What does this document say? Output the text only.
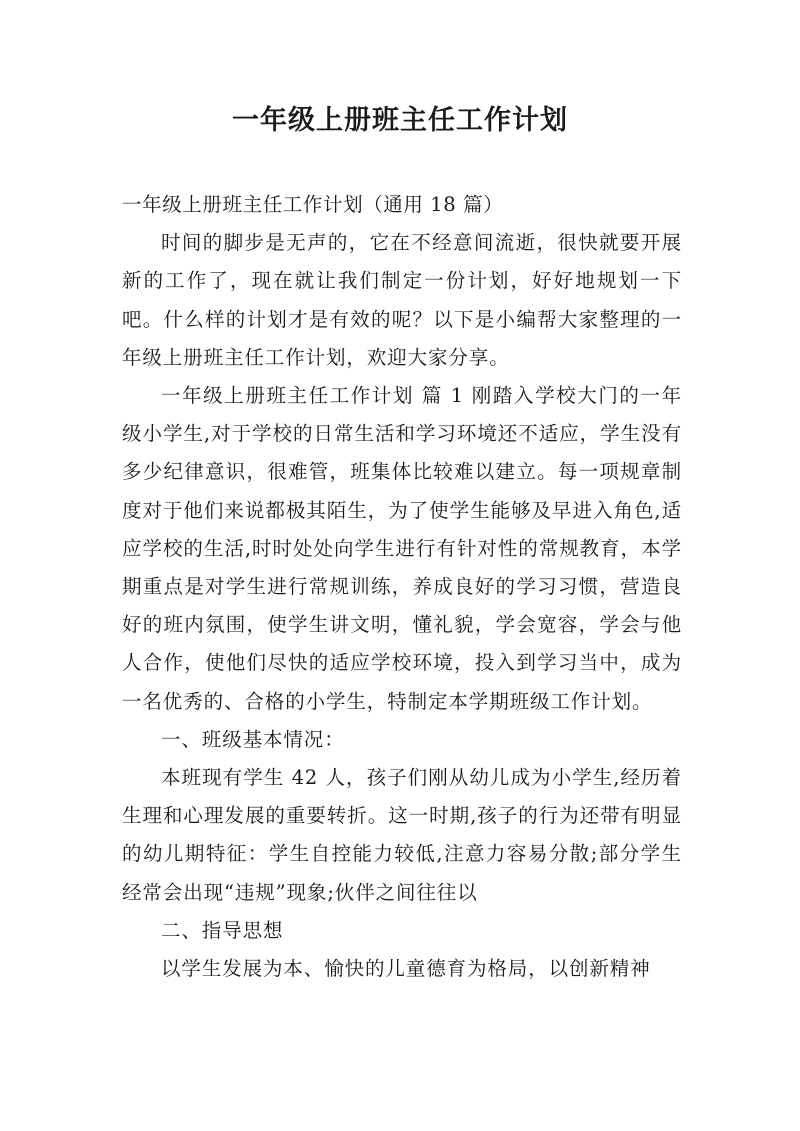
一年级上册班主任工作计划

一年级上册班主任工作计划（通用 18 篇）

时间的脚步是无声的，它在不经意间流逝，很快就要开展新的工作了，现在就让我们制定一份计划，好好地规划一下吧。什么样的计划才是有效的呢？以下是小编帮大家整理的一年级上册班主任工作计划，欢迎大家分享。

一年级上册班主任工作计划 篇 1 刚踏入学校大门的一年级小学生,对于学校的日常生活和学习环境还不适应，学生没有多少纪律意识，很难管，班集体比较难以建立。每一项规章制度对于他们来说都极其陌生，为了使学生能够及早进入角色,适应学校的生活,时时处处向学生进行有针对性的常规教育，本学期重点是对学生进行常规训练，养成良好的学习习惯，营造良好的班内氛围，使学生讲文明，懂礼貌，学会宽容，学会与他人合作，使他们尽快的适应学校环境，投入到学习当中，成为一名优秀的、合格的小学生，特制定本学期班级工作计划。

一、班级基本情况：

本班现有学生 42 人，孩子们刚从幼儿成为小学生,经历着生理和心理发展的重要转折。这一时期,孩子的行为还带有明显的幼儿期特征：学生自控能力较低,注意力容易分散;部分学生经常会出现“违规”现象;伙伴之间往往以

二、指导思想

以学生发展为本、愉快的儿童德育为格局，以创新精神
